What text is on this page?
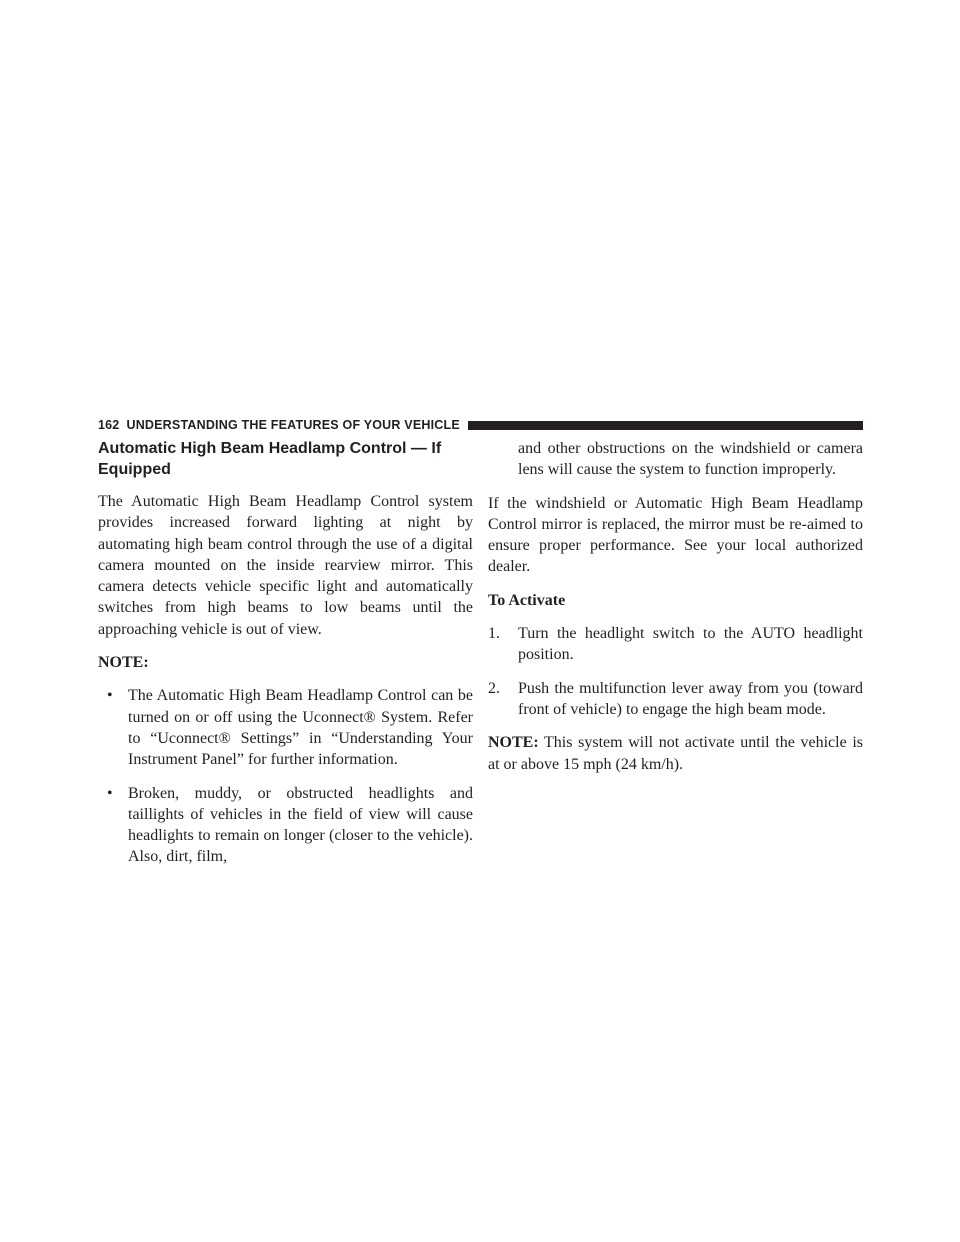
162 UNDERSTANDING THE FEATURES OF YOUR VEHICLE
Automatic High Beam Headlamp Control — If Equipped

The Automatic High Beam Headlamp Control system provides increased forward lighting at night by automating high beam control through the use of a digital camera mounted on the inside rearview mirror. This camera detects vehicle specific light and automatically switches from high beams to low beams until the approaching vehicle is out of view.

NOTE:

• The Automatic High Beam Headlamp Control can be turned on or off using the Uconnect® System. Refer to “Uconnect® Settings” in “Understanding Your Instrument Panel” for further information.
• Broken, muddy, or obstructed headlights and taillights of vehicles in the field of view will cause headlights to remain on longer (closer to the vehicle). Also, dirt, film,
and other obstructions on the windshield or camera lens will cause the system to function improperly.

If the windshield or Automatic High Beam Headlamp Control mirror is replaced, the mirror must be re-aimed to ensure proper performance. See your local authorized dealer.

To Activate
1. Turn the headlight switch to the AUTO headlight position.
2. Push the multifunction lever away from you (toward front of vehicle) to engage the high beam mode.

NOTE: This system will not activate until the vehicle is at or above 15 mph (24 km/h).
